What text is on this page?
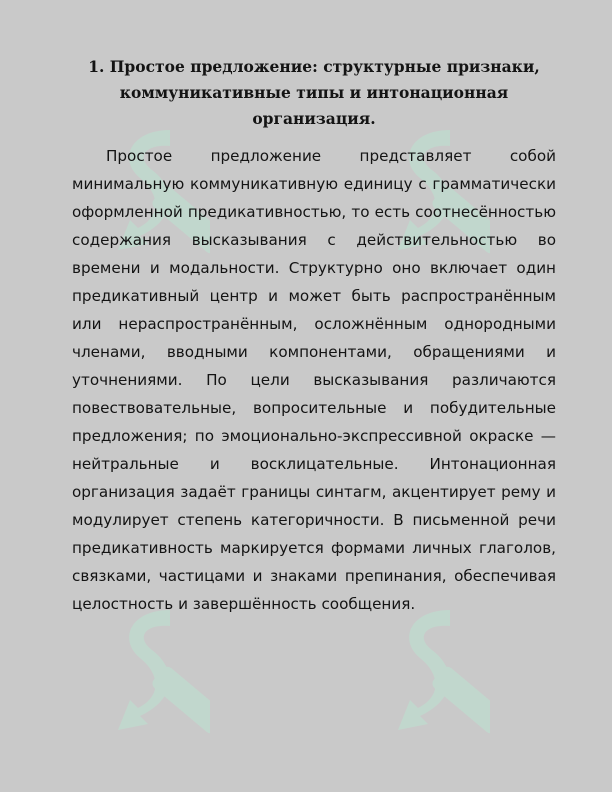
1. Простое предложение: структурные признаки, коммуникативные типы и интонационная организация.

Простое предложение представляет собой минимальную коммуникативную единицу с грамматически оформленной предикативностью, то есть соотнесённостью содержания высказывания с действительностью во времени и модальности. Структурно оно включает один предикативный центр и может быть распространённым или нераспространённым, осложнённым однородными членами, вводными компонентами, обращениями и уточнениями. По цели высказывания различаются повествовательные, вопросительные и побудительные предложения; по эмоционально-экспрессивной окраске — нейтральные и восклицательные. Интонационная организация задаёт границы синтагм, акцентирует рему и модулирует степень категоричности. В письменной речи предикативность маркируется формами личных глаголов, связками, частицами и знаками препинания, обеспечивая целостность и завершённость сообщения.
